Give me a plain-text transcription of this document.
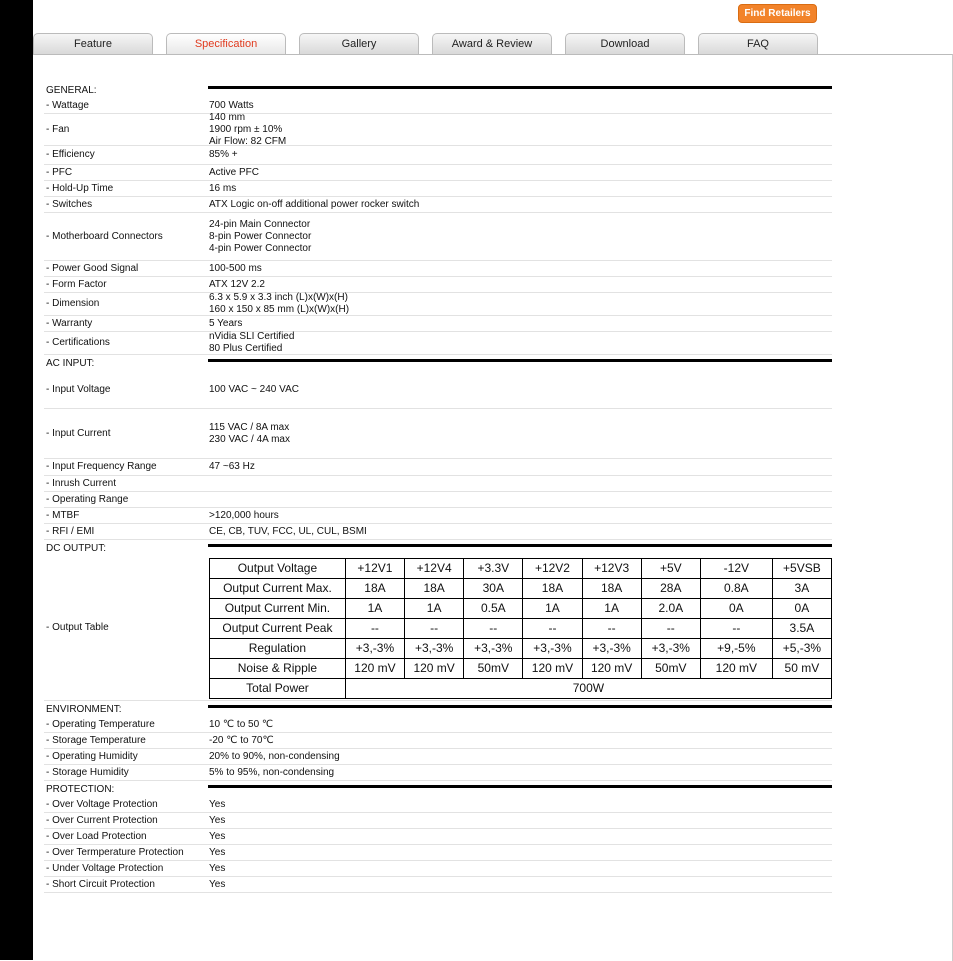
Find Retailers
Feature	Specification	Gallery	Award & Review	Download	FAQ
GENERAL:
- Wattage	700 Watts
- Fan
140 mm
1900 rpm ± 10%
Air Flow: 82 CFM
- Efficiency	85% +
- PFC	Active PFC
- Hold-Up Time	16 ms
- Switches	ATX Logic on-off additional power rocker switch
- Motherboard Connectors
24-pin Main Connector
8-pin Power Connector
4-pin Power Connector
- Power Good Signal	100-500 ms
- Form Factor	ATX 12V 2.2
- Dimension
6.3 x 5.9 x 3.3 inch (L)x(W)x(H)
160 x 150 x 85 mm (L)x(W)x(H)
- Warranty	5 Years
- Certifications
nVidia SLI Certified
80 Plus Certified
AC INPUT:
- Input Voltage	100 VAC ~ 240 VAC
- Input Current
115 VAC / 8A max
230 VAC / 4A max
- Input Frequency Range	47 ~63 Hz
- Inrush Current
- Operating Range
- MTBF	>120,000 hours
- RFI / EMI	CE, CB, TUV, FCC, UL, CUL, BSMI
DC OUTPUT:
- Output Table
Output Voltage	+12V1	+12V4	+3.3V	+12V2	+12V3	+5V	-12V	+5VSB
Output Current Max.	18A	18A	30A	18A	18A	28A	0.8A	3A
Output Current Min.	1A	1A	0.5A	1A	1A	2.0A	0A	0A
Output Current Peak	--	--	--	--	--	--	--	3.5A
Regulation	+3,-3%	+3,-3%	+3,-3%	+3,-3%	+3,-3%	+3,-3%	+9,-5%	+5,-3%
Noise & Ripple	120 mV	120 mV	50mV	120 mV	120 mV	50mV	120 mV	50 mV
Total Power	700W							
ENVIRONMENT:
- Operating Temperature	10 ℃ to 50 ℃
- Storage Temperature	-20 ℃ to 70℃
- Operating Humidity	20% to 90%, non-condensing
- Storage Humidity	5% to 95%, non-condensing
PROTECTION:
- Over Voltage Protection	Yes
- Over Current Protection	Yes
- Over Load Protection	Yes
- Over Termperature Protection	Yes
- Under Voltage Protection	Yes
- Short Circuit Protection	Yes
